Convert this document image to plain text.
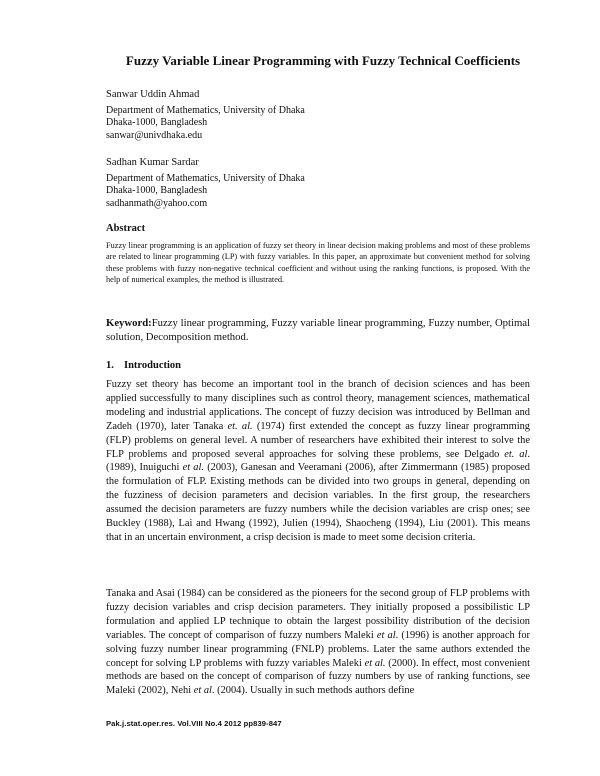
Fuzzy Variable Linear Programming with Fuzzy Technical Coefficients
Sanwar Uddin Ahmad
Department of Mathematics, University of Dhaka
Dhaka-1000, Bangladesh
sanwar@univdhaka.edu
Sadhan Kumar Sardar
Department of Mathematics, University of Dhaka
Dhaka-1000, Bangladesh
sadhanmath@yahoo.com
Abstract

Fuzzy linear programming is an application of fuzzy set theory in linear decision making problems and most of these problems are related to linear programming (LP) with fuzzy variables. In this paper, an approximate but convenient method for solving these problems with fuzzy non-negative technical coefficient and without using the ranking functions, is proposed. With the help of numerical examples, the method is illustrated.

Keyword:Fuzzy linear programming, Fuzzy variable linear programming, Fuzzy number, Optimal solution, Decomposition method.

1. Introduction

Fuzzy set theory has become an important tool in the branch of decision sciences and has been applied successfully to many disciplines such as control theory, management sciences, mathematical modeling and industrial applications. The concept of fuzzy decision was introduced by Bellman and Zadeh (1970), later Tanaka et. al. (1974) first extended the concept as fuzzy linear programming (FLP) problems on general level. A number of researchers have exhibited their interest to solve the FLP problems and proposed several approaches for solving these problems, see Delgado et. al. (1989), Inuiguchi et al. (2003), Ganesan and Veeramani (2006), after Zimmermann (1985) proposed the formulation of FLP. Existing methods can be divided into two groups in general, depending on the fuzziness of decision parameters and decision variables. In the first group, the researchers assumed the decision parameters are fuzzy numbers while the decision variables are crisp ones; see Buckley (1988), Lai and Hwang (1992), Julien (1994), Shaocheng (1994), Liu (2001). This means that in an uncertain environment, a crisp decision is made to meet some decision criteria.

Tanaka and Asai (1984) can be considered as the pioneers for the second group of FLP problems with fuzzy decision variables and crisp decision parameters. They initially proposed a possibilistic LP formulation and applied LP technique to obtain the largest possibility distribution of the decision variables. The concept of comparison of fuzzy numbers Maleki et al. (1996) is another approach for solving fuzzy number linear programming (FNLP) problems. Later the same authors extended the concept for solving LP problems with fuzzy variables Maleki et al. (2000). In effect, most convenient methods are based on the concept of comparison of fuzzy numbers by use of ranking functions, see Maleki (2002), Nehi et al. (2004). Usually in such methods authors define

Pak.j.stat.oper.res. Vol.VIII No.4 2012 pp839-847
